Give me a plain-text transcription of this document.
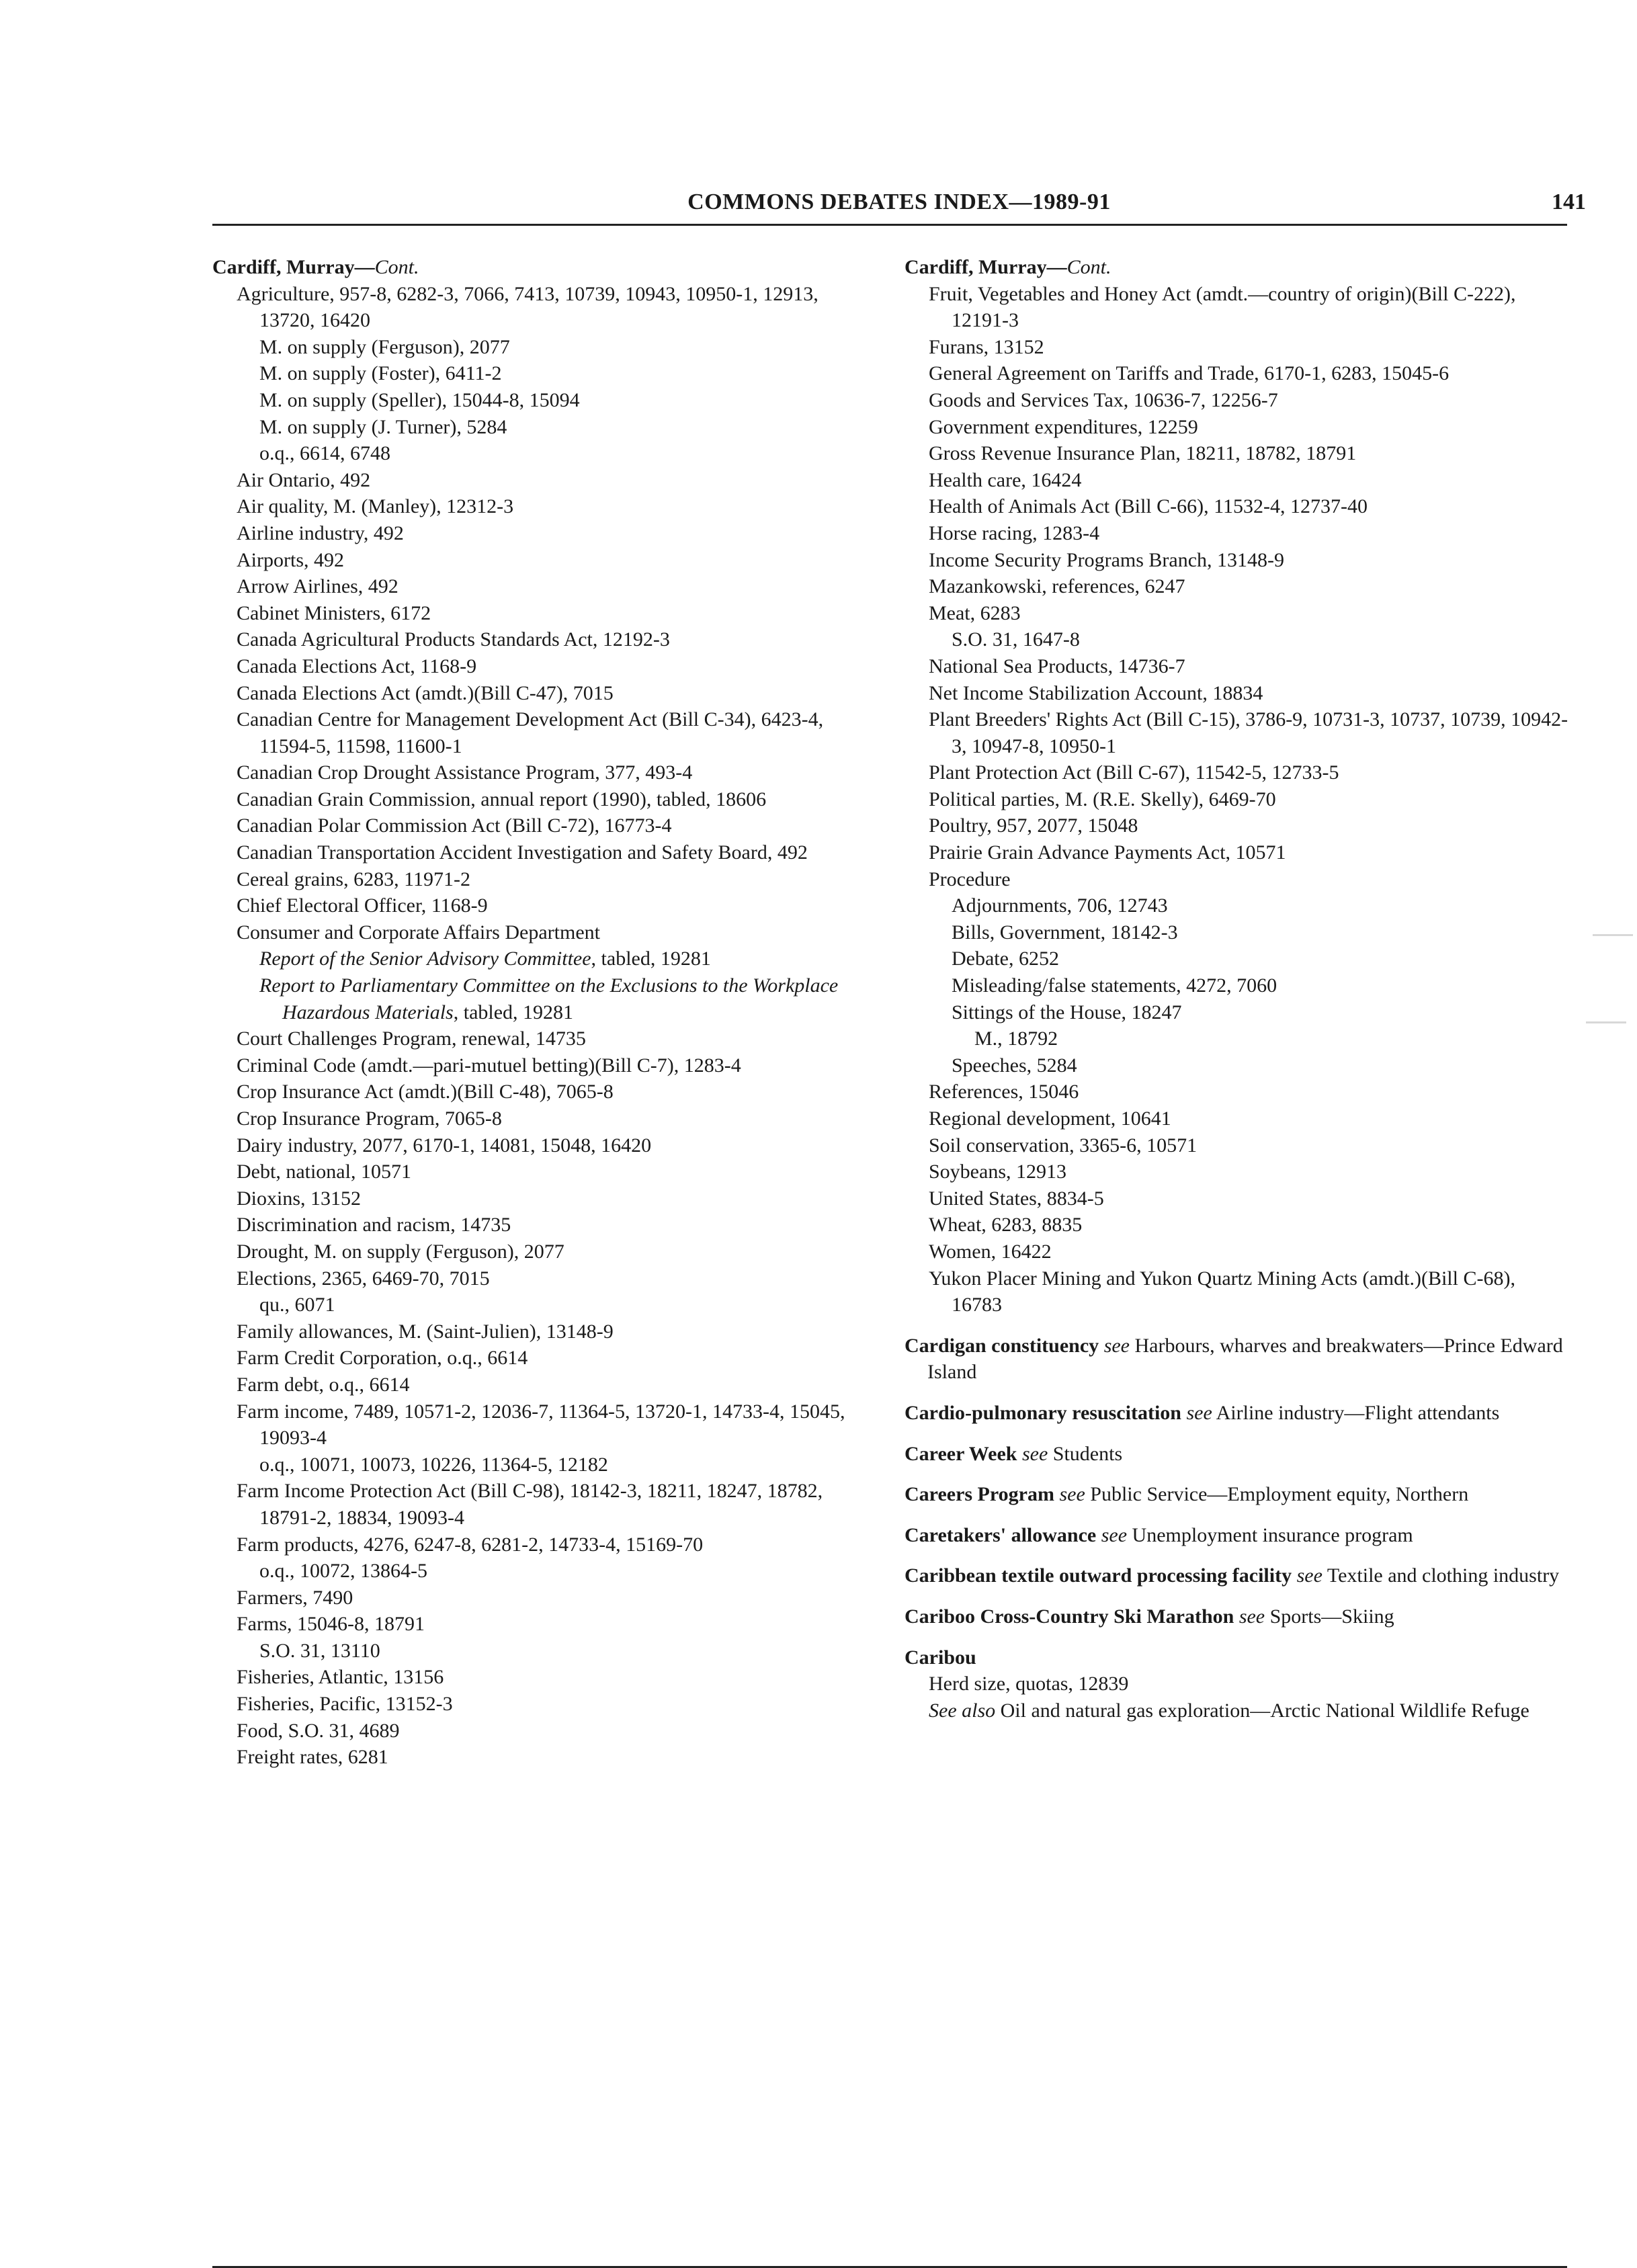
COMMONS DEBATES INDEX—1989-91	141
Cardiff, Murray—Cont.
Agriculture, 957-8, 6282-3, 7066, 7413, 10739, 10943, 10950-1, 12913, 13720, 16420
M. on supply (Ferguson), 2077
M. on supply (Foster), 6411-2
M. on supply (Speller), 15044-8, 15094
M. on supply (J. Turner), 5284
o.q., 6614, 6748
Air Ontario, 492
Air quality, M. (Manley), 12312-3
Airline industry, 492
Airports, 492
Arrow Airlines, 492
Cabinet Ministers, 6172
Canada Agricultural Products Standards Act, 12192-3
Canada Elections Act, 1168-9
Canada Elections Act (amdt.)(Bill C-47), 7015
Canadian Centre for Management Development Act (Bill C-34), 6423-4, 11594-5, 11598, 11600-1
Canadian Crop Drought Assistance Program, 377, 493-4
Canadian Grain Commission, annual report (1990), tabled, 18606
Canadian Polar Commission Act (Bill C-72), 16773-4
Canadian Transportation Accident Investigation and Safety Board, 492
Cereal grains, 6283, 11971-2
Chief Electoral Officer, 1168-9
Consumer and Corporate Affairs Department
Report of the Senior Advisory Committee, tabled, 19281
Report to Parliamentary Committee on the Exclusions to the Workplace Hazardous Materials, tabled, 19281
Court Challenges Program, renewal, 14735
Criminal Code (amdt.—pari-mutuel betting)(Bill C-7), 1283-4
Crop Insurance Act (amdt.)(Bill C-48), 7065-8
Crop Insurance Program, 7065-8
Dairy industry, 2077, 6170-1, 14081, 15048, 16420
Debt, national, 10571
Dioxins, 13152
Discrimination and racism, 14735
Drought, M. on supply (Ferguson), 2077
Elections, 2365, 6469-70, 7015
qu., 6071
Family allowances, M. (Saint-Julien), 13148-9
Farm Credit Corporation, o.q., 6614
Farm debt, o.q., 6614
Farm income, 7489, 10571-2, 12036-7, 11364-5, 13720-1, 14733-4, 15045, 19093-4
o.q., 10071, 10073, 10226, 11364-5, 12182
Farm Income Protection Act (Bill C-98), 18142-3, 18211, 18247, 18782, 18791-2, 18834, 19093-4
Farm products, 4276, 6247-8, 6281-2, 14733-4, 15169-70
o.q., 10072, 13864-5
Farmers, 7490
Farms, 15046-8, 18791
S.O. 31, 13110
Fisheries, Atlantic, 13156
Fisheries, Pacific, 13152-3
Food, S.O. 31, 4689
Freight rates, 6281
Cardiff, Murray—Cont.
Fruit, Vegetables and Honey Act (amdt.—country of origin)(Bill C-222), 12191-3
Furans, 13152
General Agreement on Tariffs and Trade, 6170-1, 6283, 15045-6
Goods and Services Tax, 10636-7, 12256-7
Government expenditures, 12259
Gross Revenue Insurance Plan, 18211, 18782, 18791
Health care, 16424
Health of Animals Act (Bill C-66), 11532-4, 12737-40
Horse racing, 1283-4
Income Security Programs Branch, 13148-9
Mazankowski, references, 6247
Meat, 6283
S.O. 31, 1647-8
National Sea Products, 14736-7
Net Income Stabilization Account, 18834
Plant Breeders' Rights Act (Bill C-15), 3786-9, 10731-3, 10737, 10739, 10942-3, 10947-8, 10950-1
Plant Protection Act (Bill C-67), 11542-5, 12733-5
Political parties, M. (R.E. Skelly), 6469-70
Poultry, 957, 2077, 15048
Prairie Grain Advance Payments Act, 10571
Procedure
Adjournments, 706, 12743
Bills, Government, 18142-3
Debate, 6252
Misleading/false statements, 4272, 7060
Sittings of the House, 18247
M., 18792
Speeches, 5284
References, 15046
Regional development, 10641
Soil conservation, 3365-6, 10571
Soybeans, 12913
United States, 8834-5
Wheat, 6283, 8835
Women, 16422
Yukon Placer Mining and Yukon Quartz Mining Acts (amdt.)(Bill C-68), 16783
Cardigan constituency see Harbours, wharves and breakwaters—Prince Edward Island
Cardio-pulmonary resuscitation see Airline industry—Flight attendants
Career Week see Students
Careers Program see Public Service—Employment equity, Northern
Caretakers' allowance see Unemployment insurance program
Caribbean textile outward processing facility see Textile and clothing industry
Cariboo Cross-Country Ski Marathon see Sports—Skiing
Caribou
Herd size, quotas, 12839
See also Oil and natural gas exploration—Arctic National Wildlife Refuge
